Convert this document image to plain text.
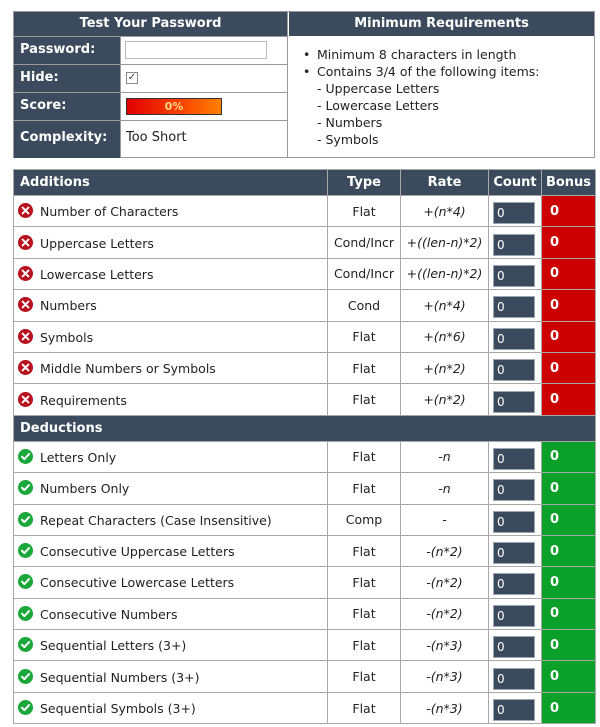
Test Your Password
Password:
Hide:	✓
Score:	0%
Complexity:	Too Short
Minimum Requirements
• Minimum 8 characters in length
• Contains 3/4 of the following items:
- Uppercase Letters
- Lowercase Letters
- Numbers
- Symbols
Additions	Type	Rate	Count	Bonus

Number of Characters	Flat	+(n*4)	0	0

Uppercase Letters	Cond/Incr	+((len-n)*2)	0	0

Lowercase Letters	Cond/Incr	+((len-n)*2)	0	0

Numbers	Cond	+(n*4)	0	0

Symbols	Flat	+(n*6)	0	0

Middle Numbers or Symbols	Flat	+(n*2)	0	0

Requirements	Flat	+(n*2)	0	0
Deductions				

Letters Only	Flat	-n	0	0

Numbers Only	Flat	-n	0	0

Repeat Characters (Case Insensitive)	Comp	-	0	0

Consecutive Uppercase Letters	Flat	-(n*2)	0	0

Consecutive Lowercase Letters	Flat	-(n*2)	0	0

Consecutive Numbers	Flat	-(n*2)	0	0

Sequential Letters (3+)	Flat	-(n*3)	0	0

Sequential Numbers (3+)	Flat	-(n*3)	0	0

Sequential Symbols (3+)	Flat	-(n*3)	0	0
